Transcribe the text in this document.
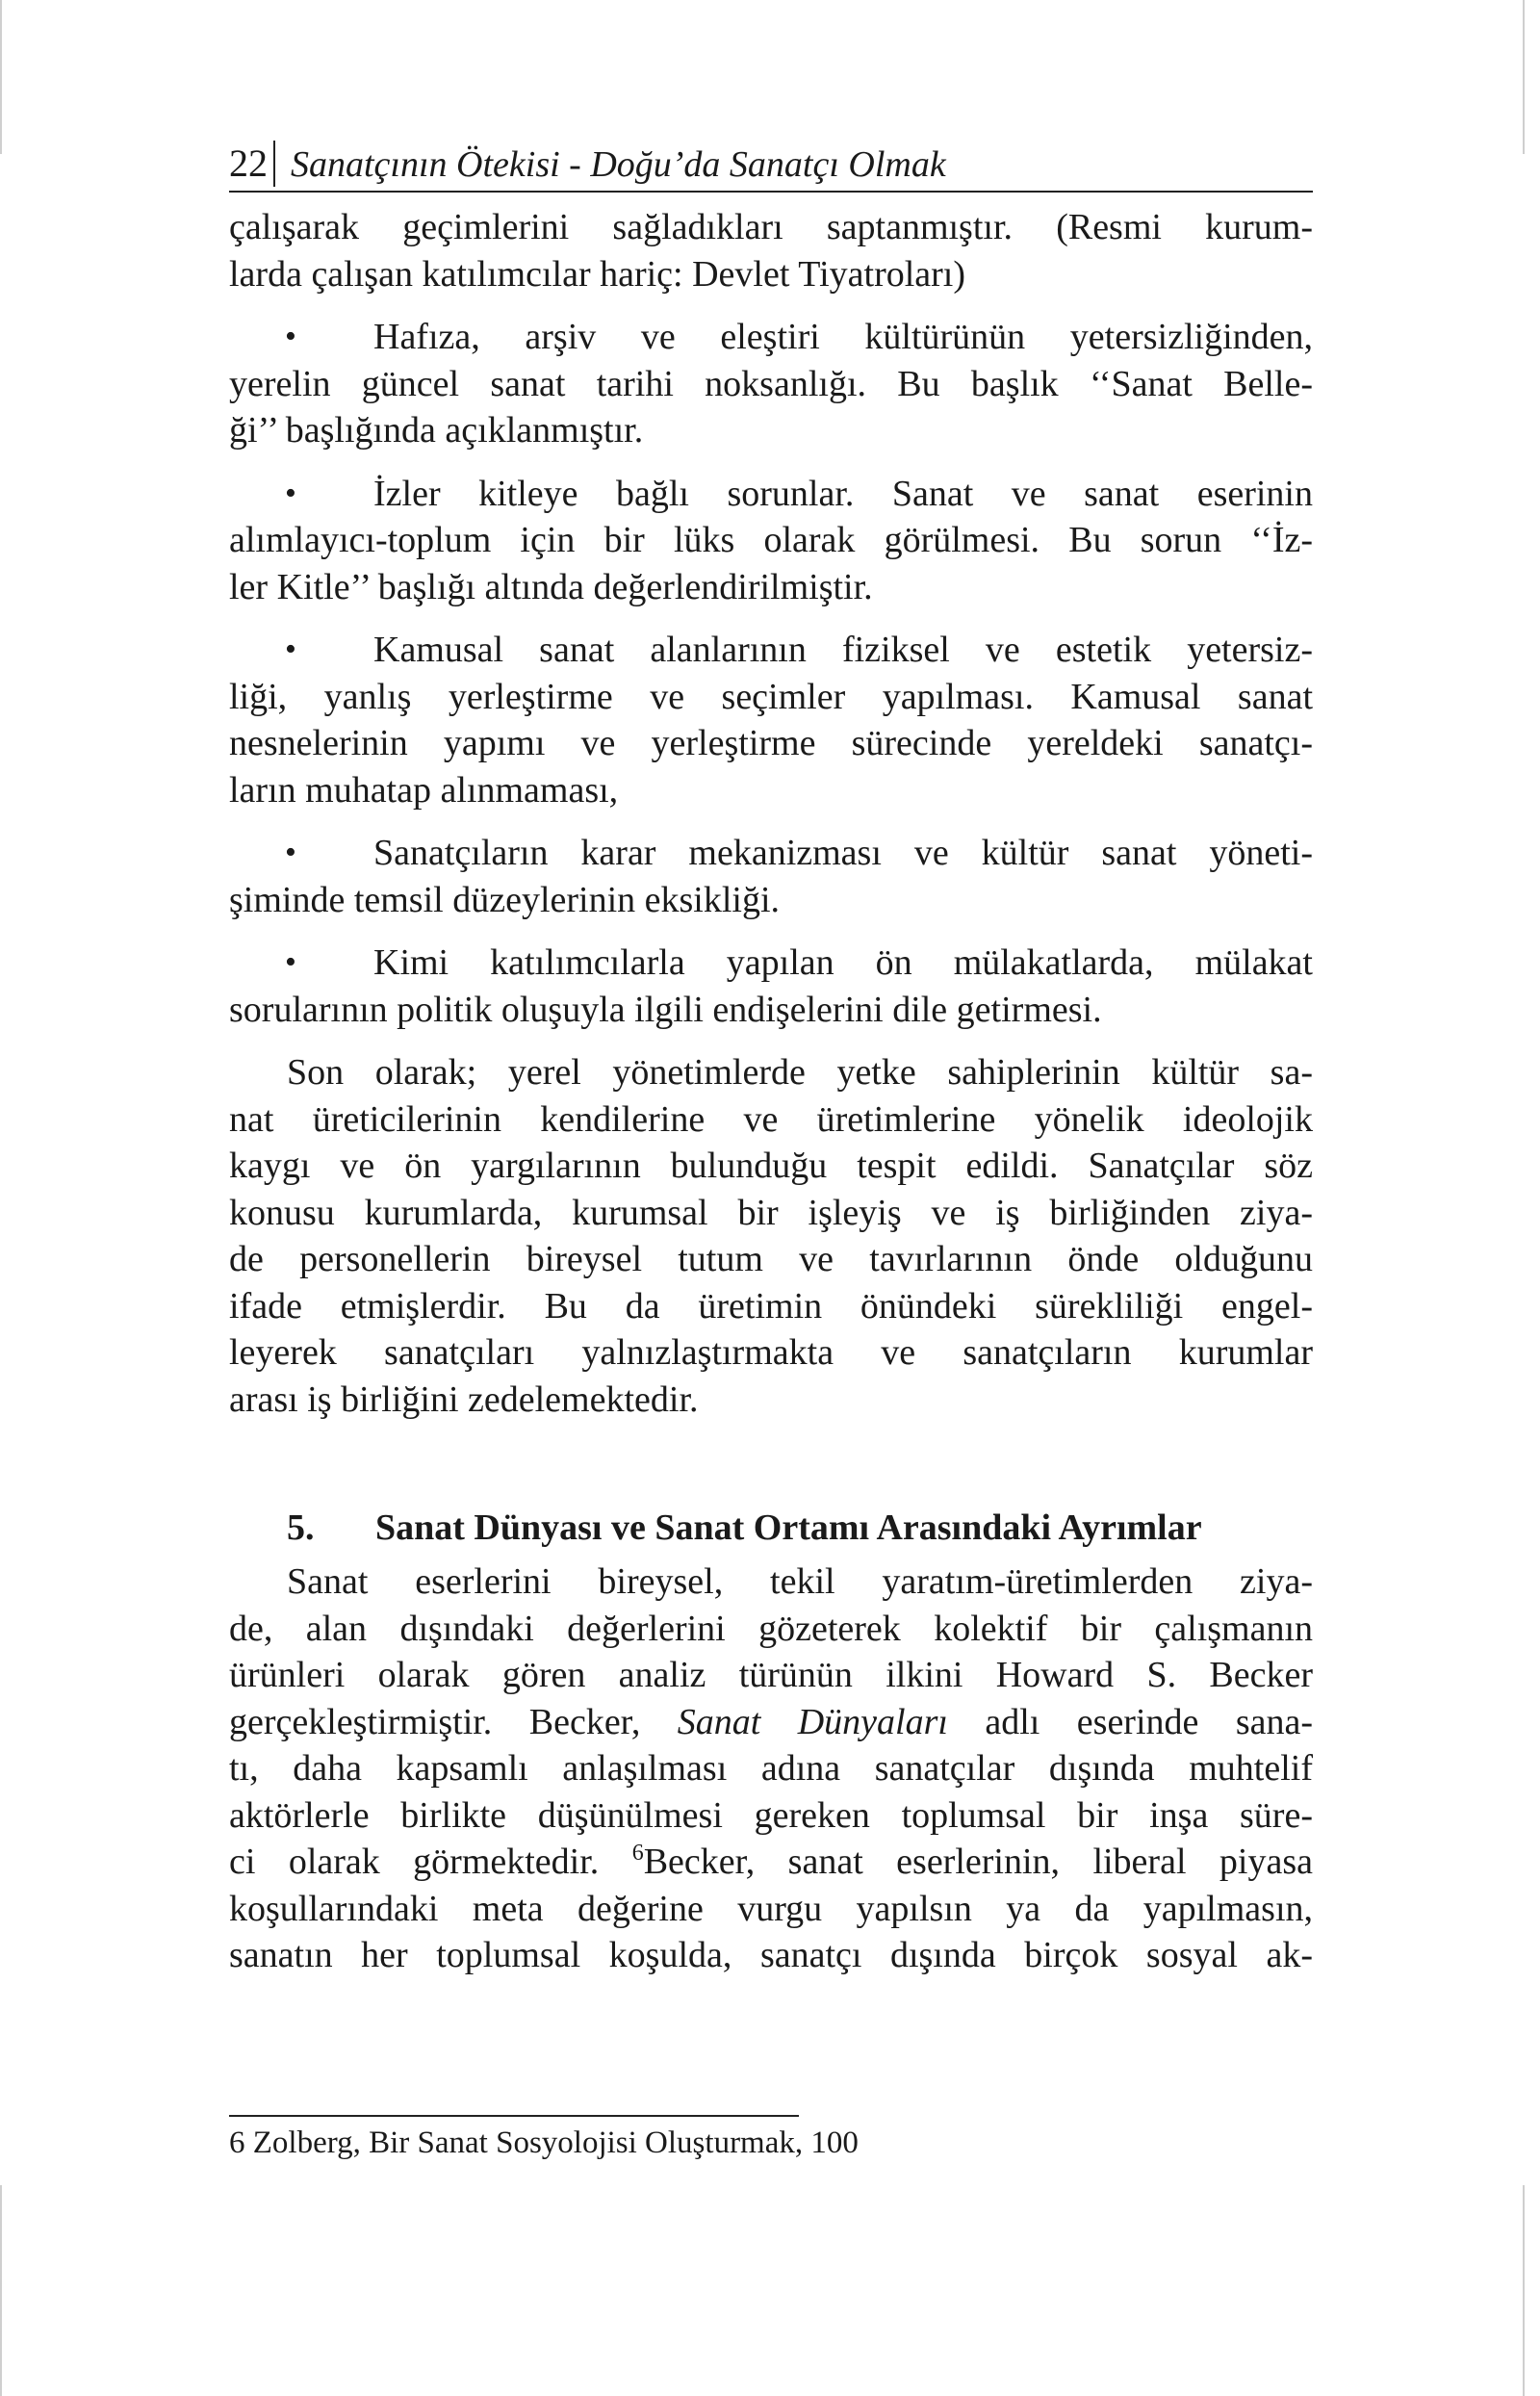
22 Sanatçının Ötekisi - Doğu’da Sanatçı Olmak

çalışarak geçimlerini sağladıkları saptanmıştır. (Resmi kurum-
larda çalışan katılımcılar hariç: Devlet Tiyatroları)

• Hafıza, arşiv ve eleştiri kültürünün yetersizliğinden,
yerelin güncel sanat tarihi noksanlığı. Bu başlık ‘‘Sanat Belle-
ği’’ başlığında açıklanmıştır.

• İzler kitleye bağlı sorunlar. Sanat ve sanat eserinin
alımlayıcı-toplum için bir lüks olarak görülmesi. Bu sorun ‘‘İz-
ler Kitle’’ başlığı altında değerlendirilmiştir.

• Kamusal sanat alanlarının fiziksel ve estetik yetersiz-
liği, yanlış yerleştirme ve seçimler yapılması. Kamusal sanat
nesnelerinin yapımı ve yerleştirme sürecinde yereldeki sanatçı-
ların muhatap alınmaması,

• Sanatçıların karar mekanizması ve kültür sanat yöneti-
şiminde temsil düzeylerinin eksikliği.

• Kimi katılımcılarla yapılan ön mülakatlarda, mülakat
sorularının politik oluşuyla ilgili endişelerini dile getirmesi.

Son olarak; yerel yönetimlerde yetke sahiplerinin kültür sa-
nat üreticilerinin kendilerine ve üretimlerine yönelik ideolojik
kaygı ve ön yargılarının bulunduğu tespit edildi. Sanatçılar söz
konusu kurumlarda, kurumsal bir işleyiş ve iş birliğinden ziya-
de personellerin bireysel tutum ve tavırlarının önde olduğunu
ifade etmişlerdir. Bu da üretimin önündeki sürekliliği engel-
leyerek sanatçıları yalnızlaştırmakta ve sanatçıların kurumlar
arası iş birliğini zedelemektedir.

5. Sanat Dünyası ve Sanat Ortamı Arasındaki Ayrımlar

Sanat eserlerini bireysel, tekil yaratım-üretimlerden ziya-
de, alan dışındaki değerlerini gözeterek kolektif bir çalışmanın
ürünleri olarak gören analiz türünün ilkini Howard S. Becker
gerçekleştirmiştir. Becker, Sanat Dünyaları adlı eserinde sana-
tı, daha kapsamlı anlaşılması adına sanatçılar dışında muhtelif
aktörlerle birlikte düşünülmesi gereken toplumsal bir inşa süre-
ci olarak görmektedir. $^6$Becker, sanat eserlerinin, liberal piyasa
koşullarındaki meta değerine vurgu yapılsın ya da yapılmasın,
sanatın her toplumsal koşulda, sanatçı dışında birçok sosyal ak-

6 Zolberg, Bir Sanat Sosyolojisi Oluşturmak, 100
